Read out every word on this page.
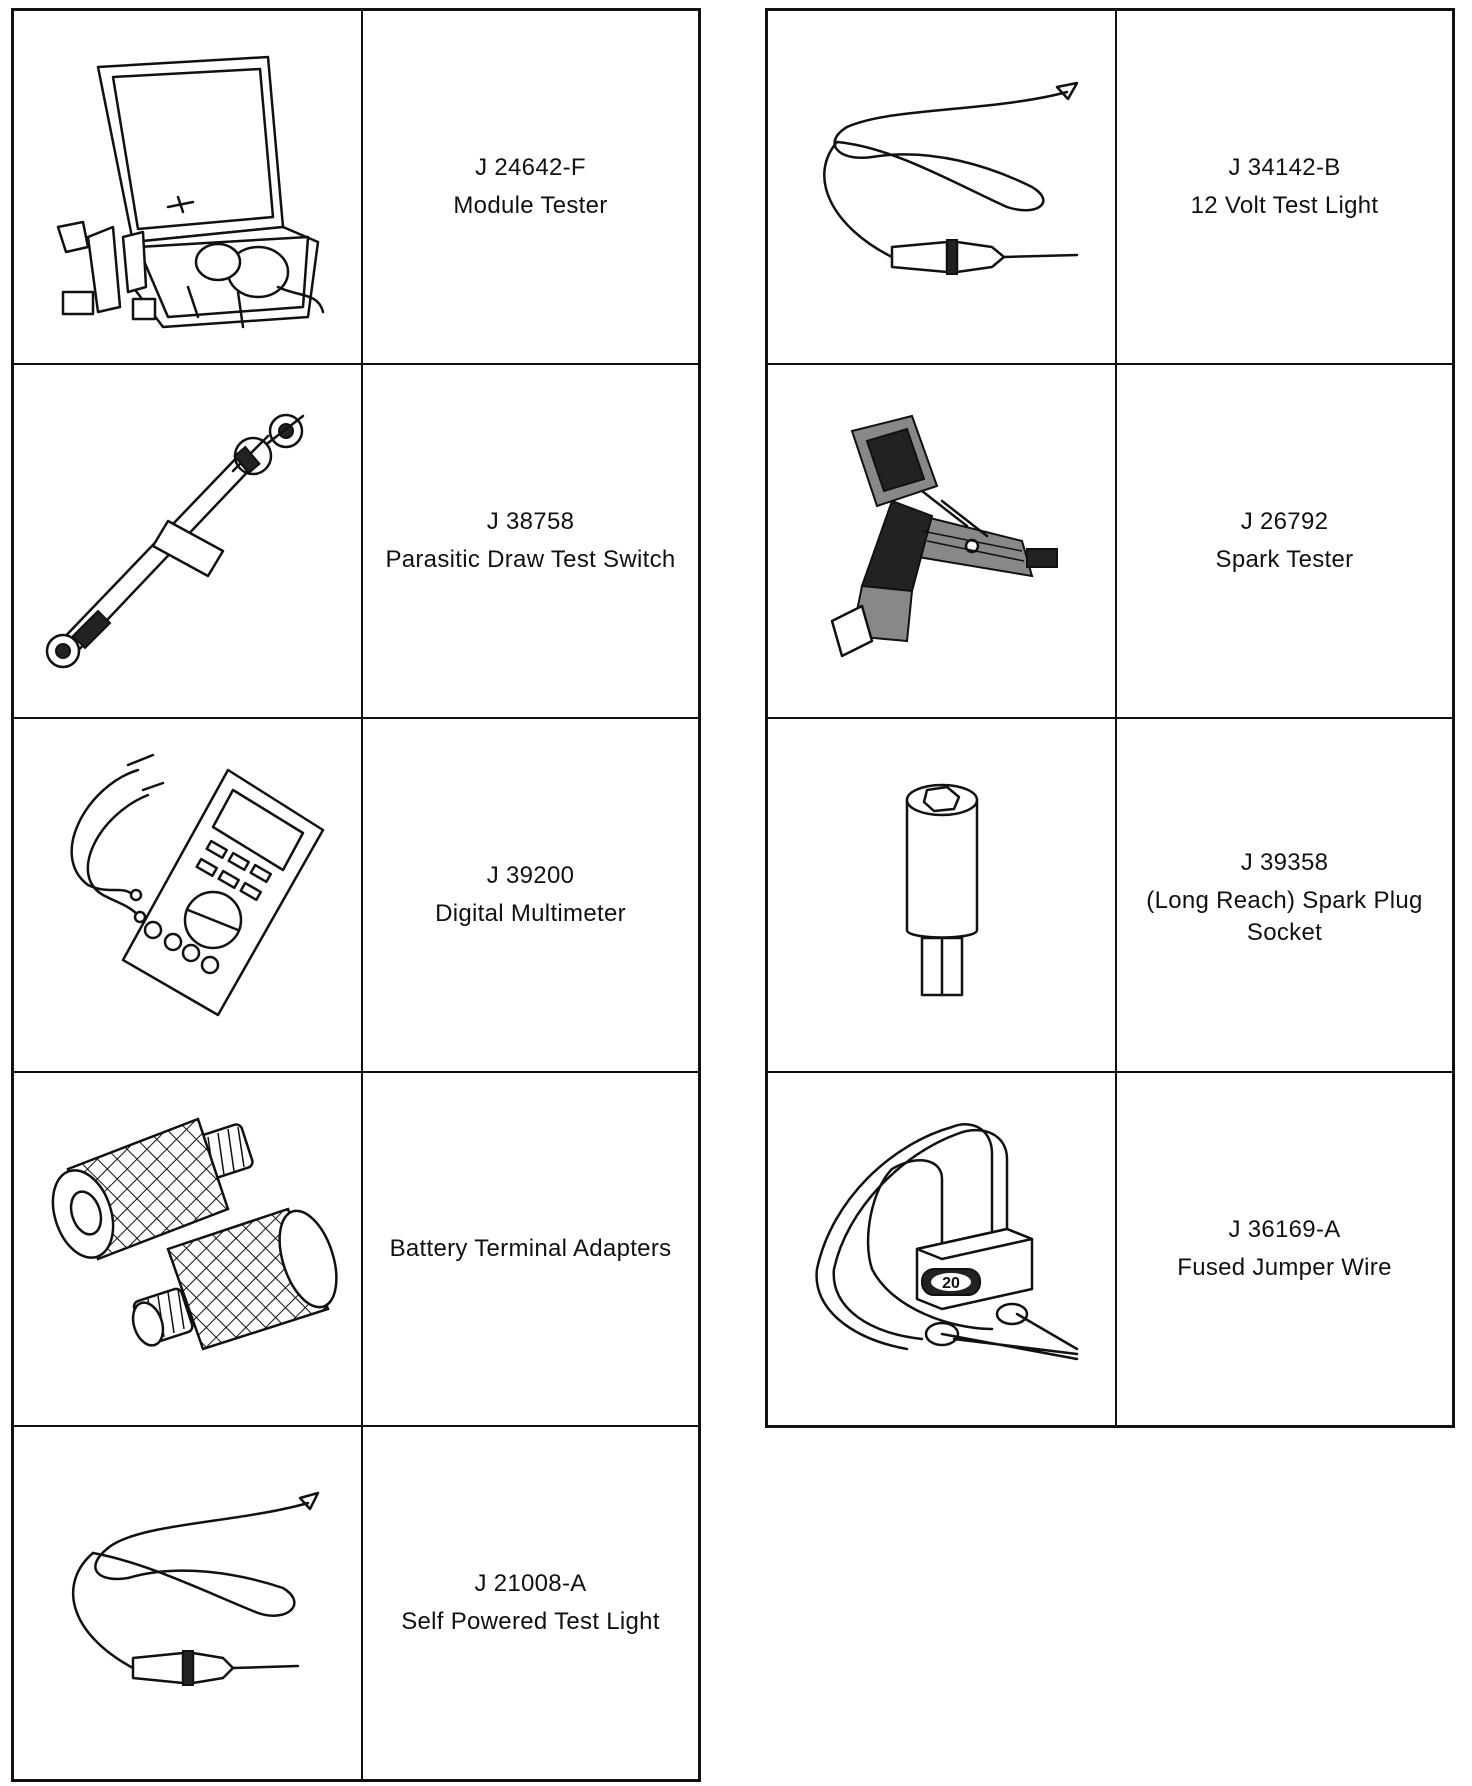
J 24642-F
Module Tester

J 38758
Parasitic Draw Test Switch

J 39200
Digital Multimeter

Battery Terminal Adapters

J 21008-A
Self Powered Test Light

J 34142-B
12 Volt Test Light

J 26792
Spark Tester

J 39358
(Long Reach) Spark Plug
Socket

20	J 36169-A
Fused Jumper Wire
